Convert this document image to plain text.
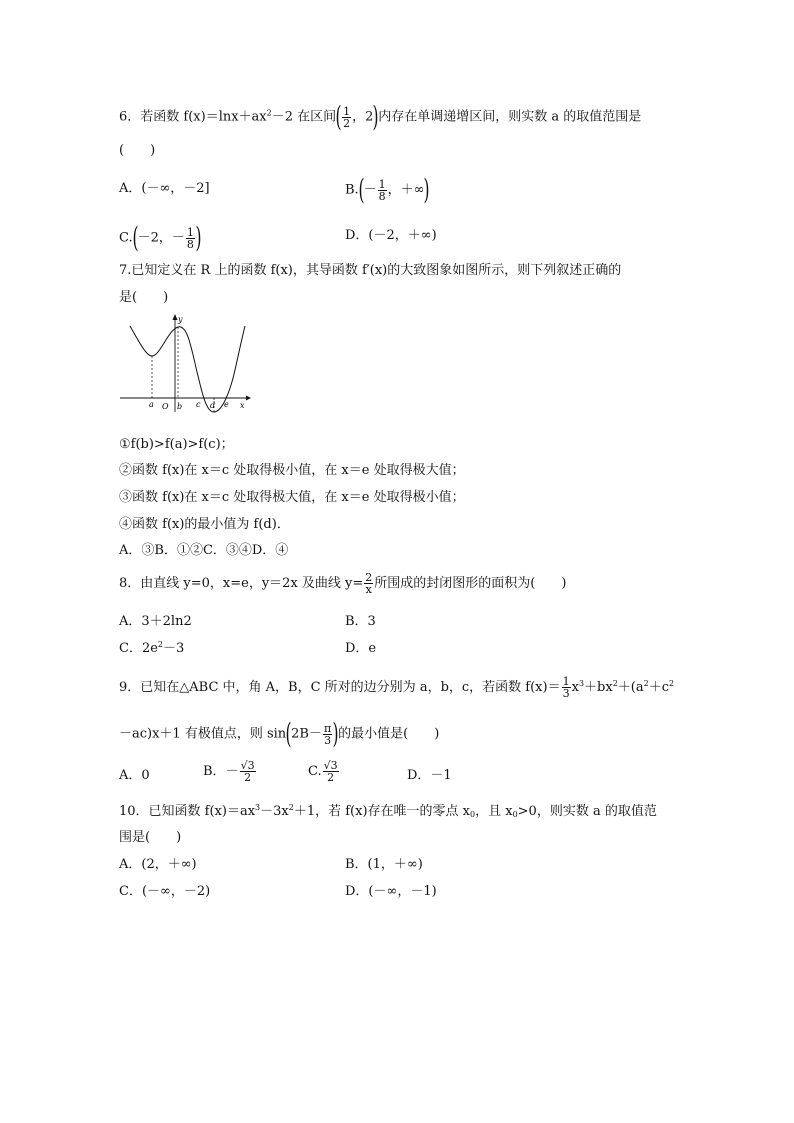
6．若函数 $f(x)=\ln x+ax^2-2$ 在区间( $\frac{1}{2}$ ，2)内存在单调递增区间，则实数 a 的取值范围是
(　　)
A．(－∞，－2]	$B.(- \frac{1}{8}$ ，＋∞)
C.(－2，－ $\frac{1}{8}$ )	D．(－2，＋∞)
7.已知定义在 R 上的函数 f(x)，其导函数 f′(x)的大致图象如图所示，则下列叙述正确的
是(　　)
y
x
O
a	b c d e
①f(b)>f(a)>f(c)；
②函数 f(x)在 x＝c 处取得极小值，在 x＝e 处取得极大值；
③函数 f(x)在 x＝c 处取得极大值，在 x＝e 处取得极小值；
④函数 f(x)的最小值为 f(d)．
A．③B．①②C．③④D．④
8．由直线 y=0，x=e，y＝2x 及曲线 $y= \frac{2}{x}$ 所围成的封闭图形的面积为(　　)
A．3＋2ln2	B．3
C．$2e^2-3$	D．e
9．已知在△ABC 中，角 A，B，C 所对的边分别为 a，b，c，若函数 $f(x)= \frac{1}{3} x^3+bx^2+(a^2+c^2$
－ac)x＋1 有极值点，则 $\sin(2B- \frac{\pi}{3}$ )的最小值是(　　)
A．0	B．－ $\frac{√3}{2}$	C. $\frac{√3}{2}$	D．－1
10．已知函数 $f(x)=ax^3-3x^2+1$，若 f(x)存在唯一的零点 $x_0$，且 $x_0>0$，则实数 a 的取值范
围是(　　)
A．(2，＋∞)	B．(1，＋∞)
C．(－∞，－2)	D．(－∞，－1)
